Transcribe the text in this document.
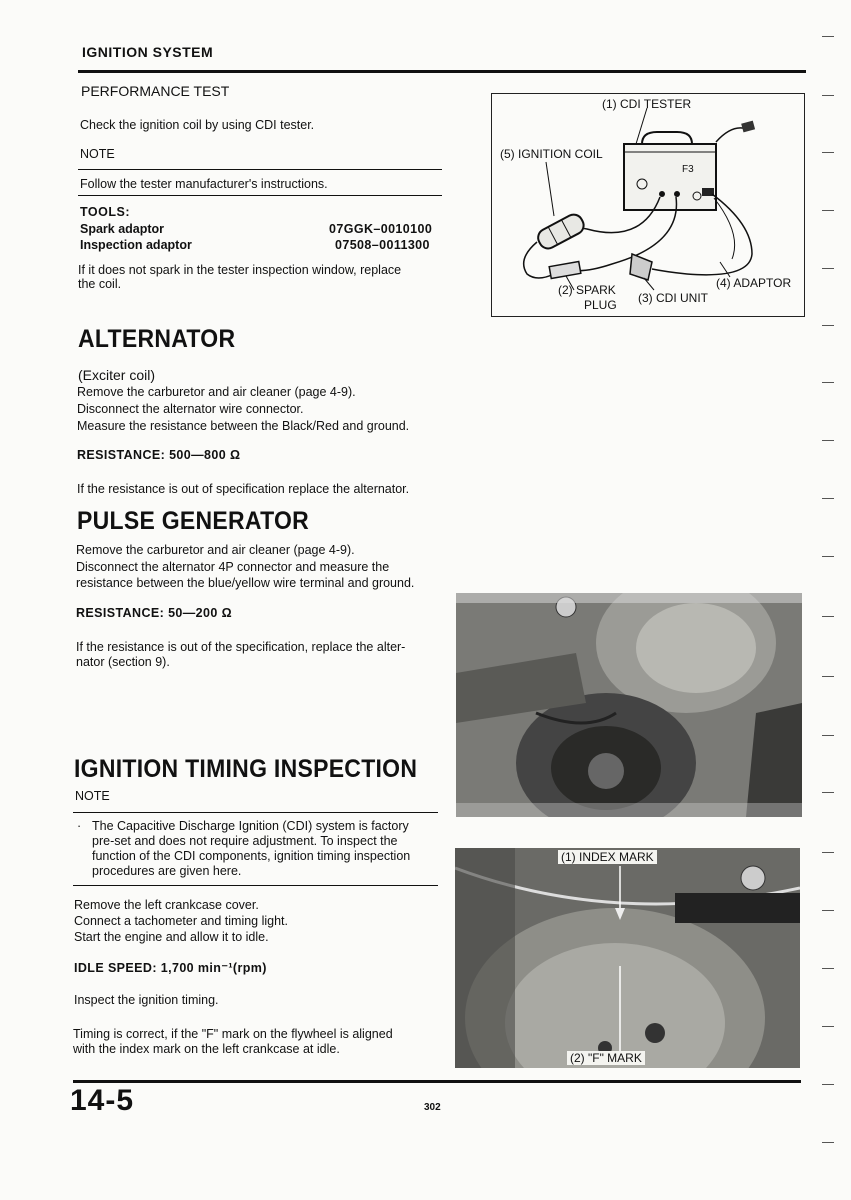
IGNITION SYSTEM
PERFORMANCE TEST
Check the ignition coil by using CDI tester.
NOTE
Follow the tester manufacturer's instructions.
TOOLS:
Spark adaptor	07GGK–0010100
Inspection adaptor	07508–0011300
If it does not spark in the tester inspection window, replace
the coil.
(1) CDI TESTER
(5) IGNITION COIL
F3
(2) SPARK
PLUG (3) CDI UNIT
(4) ADAPTOR
ALTERNATOR
(Exciter coil)
Remove the carburetor and air cleaner (page 4-9).
Disconnect the alternator wire connector.
Measure the resistance between the Black/Red and ground.
RESISTANCE: 500—800 Ω
If the resistance is out of specification replace the alternator.
PULSE GENERATOR
Remove the carburetor and air cleaner (page 4-9).
Disconnect the alternator 4P connector and measure the
resistance between the blue/yellow wire terminal and ground.
RESISTANCE: 50—200 Ω
If the resistance is out of the specification, replace the alter-
nator (section 9).
IGNITION TIMING INSPECTION
NOTE
· The Capacitive Discharge Ignition (CDI) system is factory
pre-set and does not require adjustment. To inspect the
function of the CDI components, ignition timing inspection
procedures are given here.
Remove the left crankcase cover.
Connect a tachometer and timing light.
Start the engine and allow it to idle.
IDLE SPEED: 1,700 min⁻¹(rpm)
Inspect the ignition timing.
Timing is correct, if the "F" mark on the flywheel is aligned
with the index mark on the left crankcase at idle.
(1) INDEX MARK
(2) "F" MARK
14-5	302
